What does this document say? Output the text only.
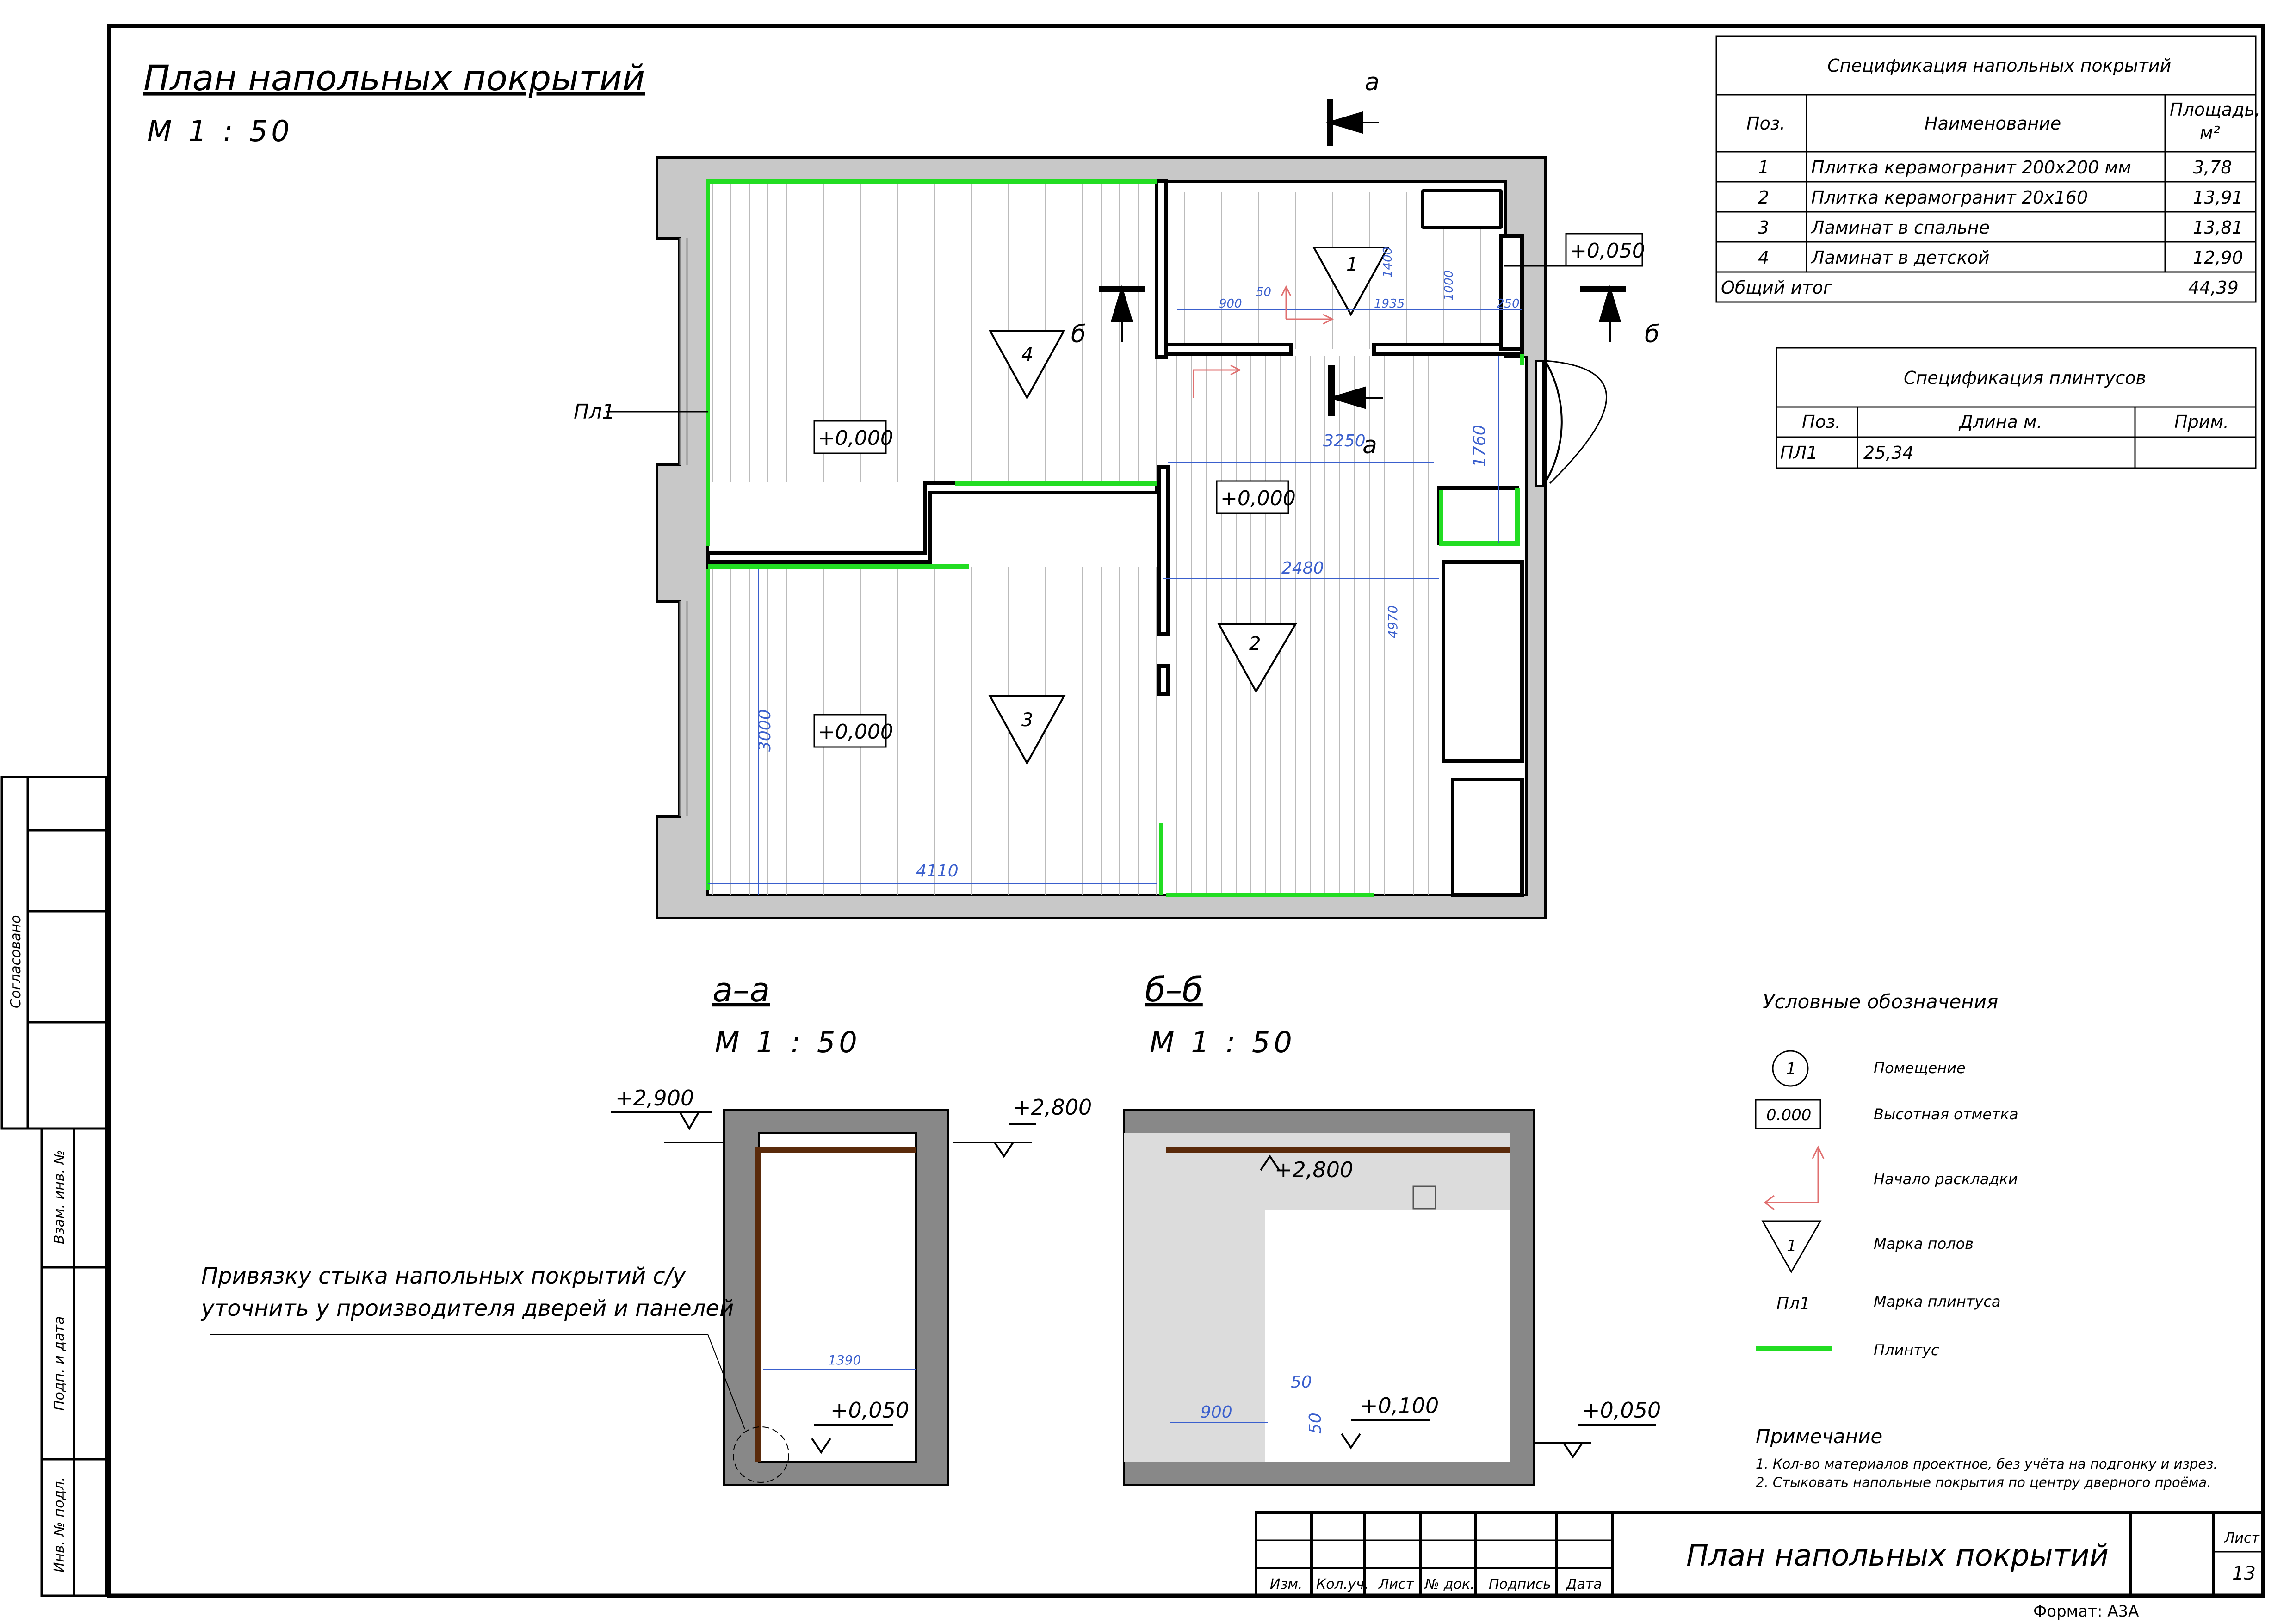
Согласовано
Взам. инв. №
Подп. и дата
Инв. № подл.
План напольных покрытий
М 1 : 50
а
а
б	б
4
3
2
1
+0,000
+0,000
+0,000
+0,050
Пл1
4110
3000
2480
4970
3250	1760
900
50
1935
1400
1000
250
Спецификация напольных покрытий
Поз.	Наименование
Площадь,
м²
1 Плитка керамогранит 200х200 мм	3,78
2 Плитка керамогранит 20х160	13,91
3 Ламинат в спальне	13,81
4 Ламинат в детской	12,90
Общий итог	44,39
Спецификация плинтусов
Поз.	Длина м.	Прим.
ПЛ1	25,34
а–а
М 1 : 50
+2,900	+2,800
+0,050
1390
Привязку стыка напольных покрытий с/у
уточнить у производителя дверей и панелей
б–б
М 1 : 50
+2,800
+0,100	+0,050
900
50
50
Условные обозначения
1	Помещение
0.000	Высотная отметка
Начало раскладки
1	Марка полов
Пл1	Марка плинтуса
Плинтус
Примечание
1. Кол-во материалов проектное, без учёта на подгонку и изрез.
2. Стыковать напольные покрытия по центру дверного проёма.
Изм. Кол.уч. Лист № док. Подпись Дата
План напольных покрытий
Лист
13
Формат: А3А
